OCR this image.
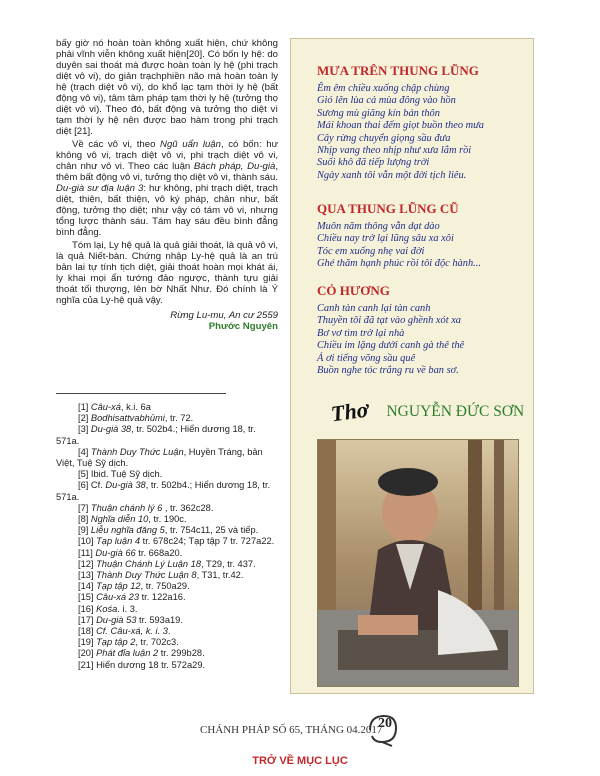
bấy giờ nó hoàn toàn không xuất hiện, chứ không phải vĩnh viễn không xuất hiện[20]. Có bốn ly hệ: do duyên sai thoát mà được hoàn toàn ly hệ (phi trạch diệt vô vi), do giản trạchphiền não mà hoàn toàn ly hệ (trạch diệt vô vi), do khổ lạc tạm thời ly hệ (bất động vô vi), tâm tâm pháp tạm thời ly hệ (tưởng thọ diệt vô vi). Theo đó, bất động và tưởng thọ diệt vì tạm thời ly hệ nên được bao hàm trong phi trạch diệt [21].

Về các vô vi, theo Ngũ uẩn luận, có bốn: hư không vô vi, trạch diệt vô vi, phi trạch diệt vô vi, chân như vô vi. Theo các luận Bách pháp, Du-già, thêm bất động vô vi, tưởng thọ diệt vô vi, thành sáu. Du-già sư địa luận 3: hư không, phi trạch diệt, trạch diệt, thiện, bất thiện, vô ký pháp, chân như, bất động, tưởng thọ diệt; như vậy có tám vô vi, nhưng tổng lược thành sáu. Tám hay sáu đều bình đẳng bình đẳng.

Tóm lại, Ly hệ quả là quả giải thoát, là quả vô vi, là quả Niết-bàn. Chứng nhập Ly-hệ quả là an trú bản lai tự tính tịch diệt, giải thoát hoàn mọi khát ái, ly khai mọi ẩn tướng đảo ngược, thành tựu giải thoát tối thượng, lên bờ Nhất Như. Đó chính là Ý nghĩa của Ly-hệ quả vậy.

Rừng Lu-mu, An cư 2559
Phước Nguyên

[1] Câu-xá, k.i. 6a

[2] Bodhisattvabhūmi, tr. 72.

[3] Du-già 38, tr. 502b4.; Hiển dương 18, tr. 571a.

[4] Thành Duy Thức Luận, Huyền Tráng, bản Việt, Tuệ Sỹ dịch.

[5] Ibid. Tuệ Sỹ dịch.

[6] Cf. Du-già 38, tr. 502b4.; Hiển dương 18, tr. 571a.

[7] Thuận chánh lý 6 , tr. 362c28.

[8] Nghĩa diễn 10, tr. 190c.

[9] Liễu nghĩa đăng 5, tr. 754c11, 25 và tiếp.

[10] Tạp luận 4 tr. 678c24; Tạp tập 7 tr. 727a22.

[11] Du-già 66 tr. 668a20.

[12] Thuận Chánh Lý Luận 18, T29, tr. 437.

[13] Thành Duy Thức Luận 8, T31, tr.42.

[14] Tạp tập 12, tr. 750a29.

[15] Câu-xá 23 tr. 122a16.

[16] Kośa. i. 3.

[17] Du-già 53 tr. 593a19.

[18] Cf. Câu-xá, k. i. 3.

[19] Tạp tập 2, tr. 702c3.

[20] Phát đỉa luận 2 tr. 299b28.

[21] Hiển dương 18 tr. 572a29.

MƯA TRÊN THUNG LŨNG
Êm êm chiều xuống chập chùng
Gió lên lùa cả mùa đông vào hồn
Sương mù giăng kín bản thôn
Mái khoan thai đếm giọt buồn theo mưa
Cây rừng chuyển giọng sầu đưa
Nhịp vang theo nhịp như xưa lắm rồi
Suối khô đã tiếp lượng trời
Ngày xanh tôi vẫn một đời tịch liêu.
QUA THUNG LŨNG CŨ
Muôn năm thông vẫn dạt dào
Chiều nay trở lại lũng sâu xa xôi
Tóc em xuống nhẹ vai đời
Ghé thăm hạnh phúc rồi tôi độc hành...
CỎ HƯƠNG
Canh tàn canh lại tàn canh
Thuyền tôi đã tạt vào ghềnh xót xa
Bơ vơ tìm trở lại nhà
Chiều im lặng dưới canh gà thê thê
Ả ơi tiếng võng sầu quê
Buồn nghe tóc trắng ru về ban sơ.
Thơ NGUYỄN ĐỨC SƠN
20
CHÁNH PHÁP SỐ 65, THÁNG 04.2017
TRỞ VỀ MỤC LỤC
